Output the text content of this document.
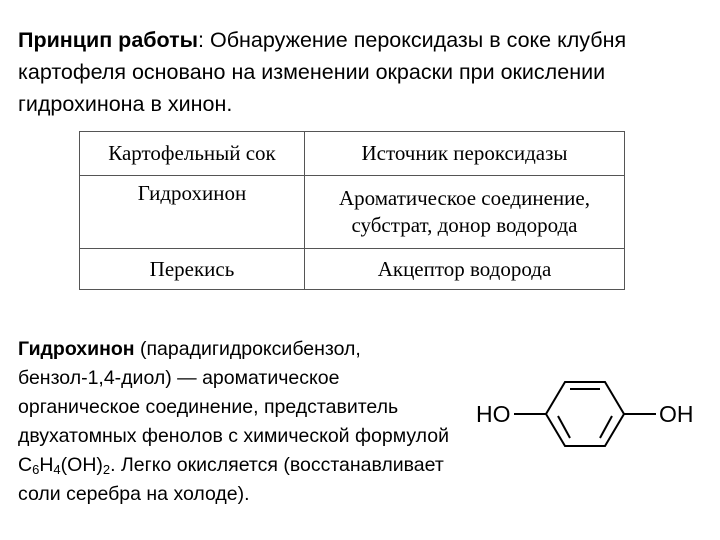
Принцип работы: Обнаружение пероксидазы в соке клубня картофеля основано на изменении окраски при окислении гидрохинона в хинон.
Картофельный сок	Источник пероксидазы
Гидрохинон	Ароматическое соединение,
субстрат, донор водорода
Перекись	Акцептор водорода
Гидрохинон (парадигидроксибензол, бензол-1,4-диол) — ароматическое органическое соединение, представитель двухатомных фенолов с химической формулой $C_6H_4(OH)_2$. Легко окисляется (восстанавливает соли серебра на холоде).
HO	OH
